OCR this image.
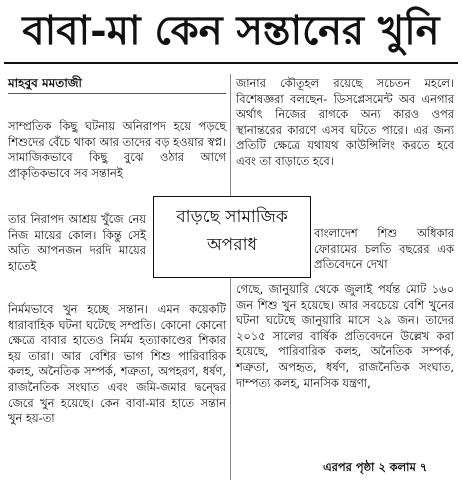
বাবা-মা কেন সন্তানের খুনি
মাহবুব মমতাজী

সাম্প্রতিক কিছু ঘটনায় অনিরাপদ হয়ে পড়ছে শিশুদের বেঁচে থাকা আর তাদের বড় হওয়ার স্বপ্ন। সামাজিকভাবে কিছু বুঝে ওঠার আগে প্রাকৃতিকভাবে সব সন্তানই

তার নিরাপদ আশ্রয় খুঁজে নেয় নিজ মায়ের কোল। কিন্তু সেই অতি আপনজন দরদি মায়ের হাতেই

নির্মমভাবে খুন হচ্ছে সন্তান। এমন কয়েকটি ধারাবাহিক ঘটনা ঘটেছে সম্প্রতি। কোনো কোনো ক্ষেত্রে বাবার হাতেও নির্মম হত্যাকাণ্ডের শিকার হয় তারা। আর বেশির ভাগ শিশু পারিবারিক কলহ, অনৈতিক সম্পর্ক, শত্রুতা, অপহরণ, ধর্ষণ, রাজনৈতিক সংঘাত এবং জমি-জমার দ্বন্দ্বের জেরে খুন হয়েছে। কেন বাবা-মার হাতে সন্তান খুন হয়-তা

জানার কৌতূহল রয়েছে সচেতন মহলে। বিশেষজ্ঞরা বলছেন- ডিসপ্লেসমেন্ট অব এনগার অর্থাৎ নিজের রাগকে অন্য কারও ওপর স্থানান্তরের কারণে এসব ঘটতে পারে। এর জন্য প্রতিটি ক্ষেত্রে যথাযথ কাউন্সিলিং করতে হবে এবং তা বাড়াতে হবে।

বাংলাদেশ শিশু অধিকার ফোরামের চলতি বছরের এক প্রতিবেদনে দেখা

গেছে, জানুয়ারি থেকে জুলাই পর্যন্ত মোট ১৬০ জন শিশু খুন হয়েছে। আর সবচেয়ে বেশি খুনের ঘটনা ঘটেছে জানুয়ারি মাসে ২৯ জন। তাদের ২০১৫ সালের বার্ষিক প্রতিবেদনে উল্লেখ করা হয়েছে, পারিবারিক কলহ, অনৈতিক সম্পর্ক, শত্রুতা, অপহৃত, ধর্ষণ, রাজনৈতিক সংঘাত, দাম্পত্য কলহ, মানসিক যন্ত্রণা,

বাড়ছে সামাজিক
অপরাধ
এরপর পৃষ্ঠা ২ কলাম ৭
